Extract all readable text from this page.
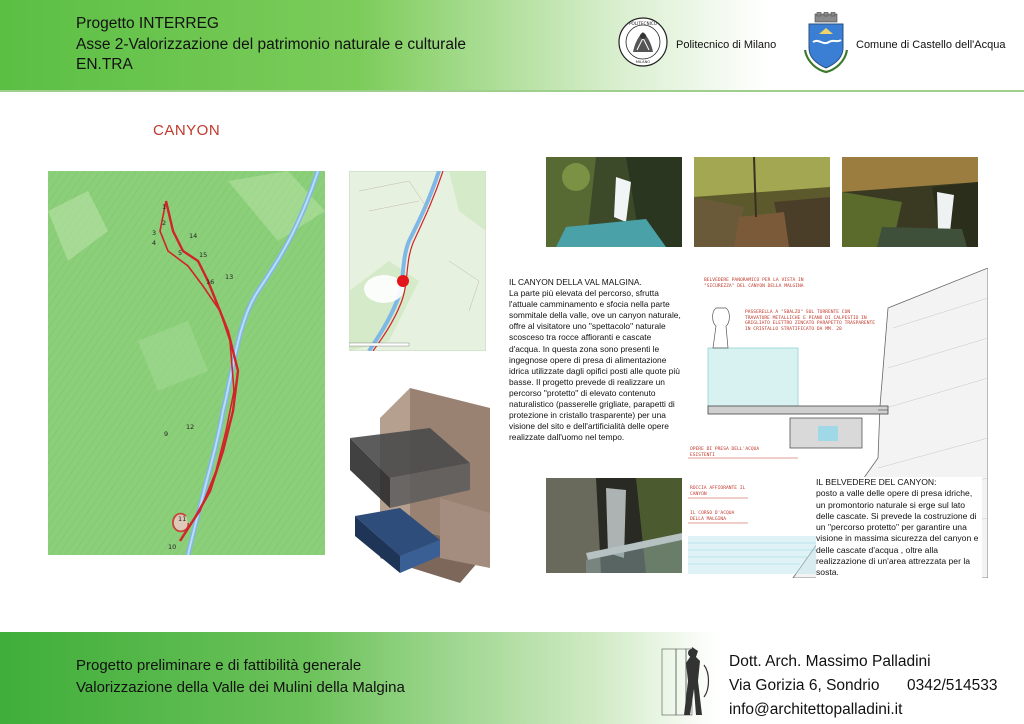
Progetto INTERREG
Asse 2-Valorizzazione del patrimonio naturale e culturale
EN.TRA
POLITECNICO
MILANO
Politecnico di Milano	Comune di Castello dell'Acqua
CANYON
1
2
3
4
5
9
12
13
14
15
16
11
10
IL CANYON DELLA VAL MALGINA.
La parte più elevata del percorso, sfrutta l'attuale camminamento e sfocia nella parte sommitale della valle, ove un canyon naturale, offre al visitatore uno "spettacolo" naturale scosceso tra rocce affioranti e cascate d'acqua. In questa zona sono presenti le ingegnose opere di presa di alimentazione idrica utilizzate dagli opifici posti alle quote più basse. Il progetto prevede di realizzare un percorso "protetto" di elevato contenuto naturalistico (passerelle grigliate, parapetti di protezione in cristallo trasparente) per una visione del sito e dell'artificialità delle opere realizzate dall'uomo nel tempo.
BELVEDERE PANORAMICO PER LA VISTA IN "SICUREZZA" DEL CANYON DELLA MALGINA
PASSERELLA A "SBALZO" SUL TORRENTE CON TRAVATURE METALLICHE E PIANO DI CALPESTIO IN GRIGLIATO ELETTRO ZINCATO PARAPETTO TRASPARENTE IN CRISTALLO STRATIFICATO DA MM. 20
OPERE DI PRESA DELL'ACQUA ESISTENTI
ROCCIA AFFIORANTE IL CANYON
IL CORSO D'ACQUA DELLA MALGINA
IL BELVEDERE DEL CANYON:
posto a valle delle opere di presa idriche, un promontorio naturale si erge sul lato delle cascate. Si prevede la costruzione di un "percorso protetto" per garantire una visione in massima sicurezza del canyon e delle cascate d'acqua , oltre alla realizzazione di un'area attrezzata per la sosta.
Progetto preliminare e di fattibilità generale
Valorizzazione della Valle dei Mulini della Malgina
Dott. Arch. Massimo Palladini
Via Gorizia 6, Sondrio 0342/514533
info@architettopalladini.it
